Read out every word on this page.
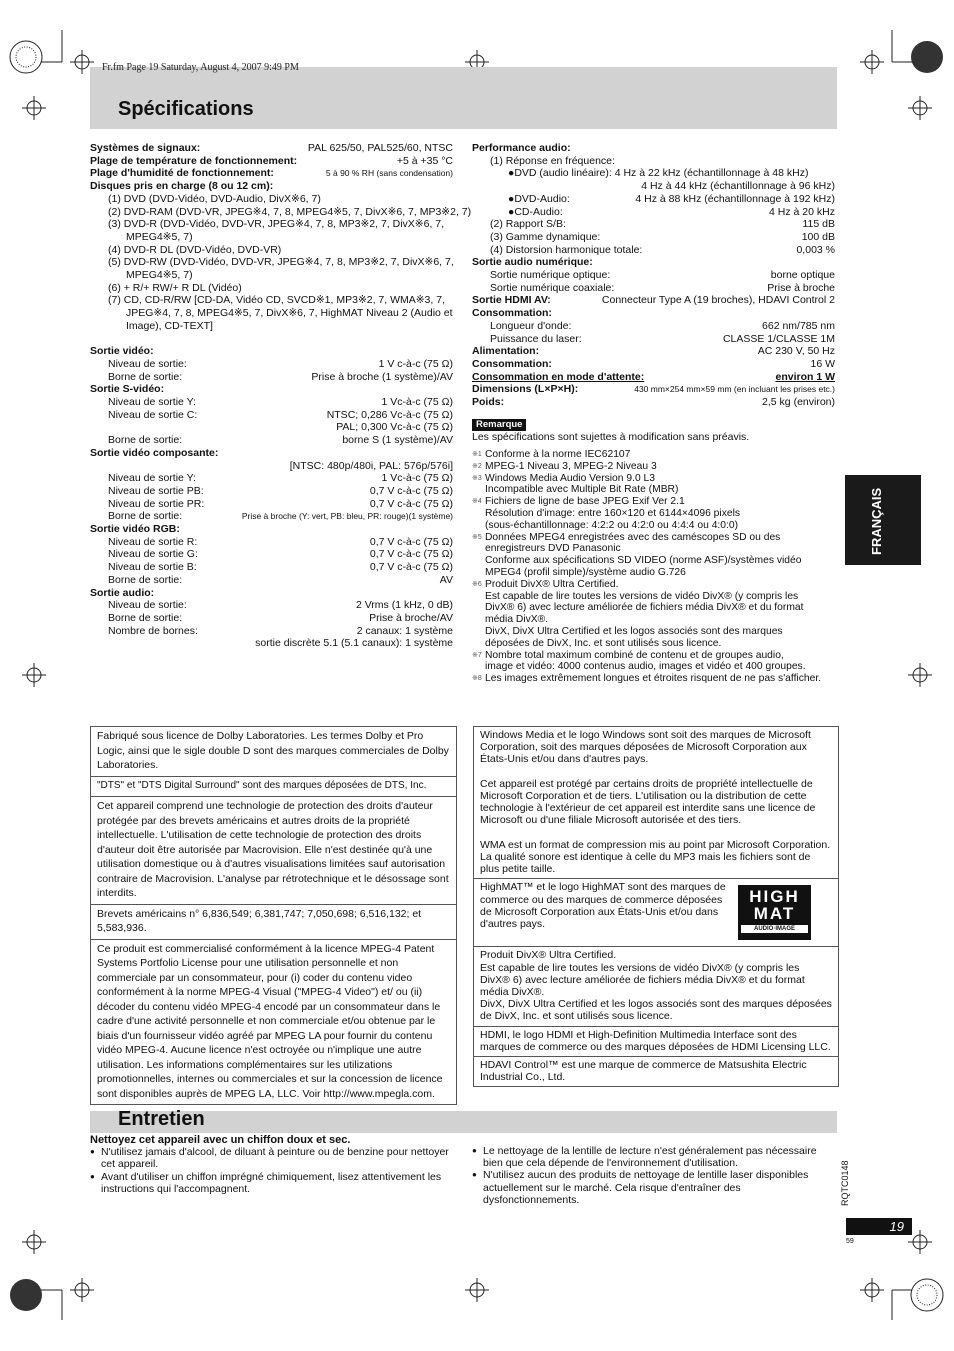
Fr.fm Page 19 Saturday, August 4, 2007 9:49 PM
Spécifications
Systèmes de signaux:	PAL 625/50, PAL525/60, NTSC
Plage de température de fonctionnement:	+5 à +35 °C
Plage d'humidité de fonctionnement:	5 à 90 % RH (sans condensation)
Disques pris en charge (8 ou 12 cm):
(1) DVD (DVD-Vidéo, DVD-Audio, DivX※6, 7)
(2) DVD-RAM (DVD-VR, JPEG※4, 7, 8, MPEG4※5, 7, DivX※6, 7, MP3※2, 7)
(3) DVD-R (DVD-Vidéo, DVD-VR, JPEG※4, 7, 8, MP3※2, 7, DivX※6, 7,
MPEG4※5, 7)
(4) DVD-R DL (DVD-Vidéo, DVD-VR)
(5) DVD-RW (DVD-Vidéo, DVD-VR, JPEG※4, 7, 8, MP3※2, 7, DivX※6, 7,
MPEG4※5, 7)
(6) + R/+ RW/+ R DL (Vidéo)
(7) CD, CD-R/RW [CD-DA, Vidéo CD, SVCD※1, MP3※2, 7, WMA※3, 7,
JPEG※4, 7, 8, MPEG4※5, 7, DivX※6, 7, HighMAT Niveau 2 (Audio et
Image), CD-TEXT]
Sortie vidéo:
Niveau de sortie:	1 V c-à-c (75 Ω)
Borne de sortie:	Prise à broche (1 système)/AV
Sortie S-vidéo:
Niveau de sortie Y:	1 Vc-à-c (75 Ω)
Niveau de sortie C:	NTSC; 0,286 Vc-à-c (75 Ω)
PAL; 0,300 Vc-à-c (75 Ω)
Borne de sortie:	borne S (1 système)/AV
Sortie vidéo composante:
[NTSC: 480p/480i, PAL: 576p/576i]
Niveau de sortie Y:	1 Vc-à-c (75 Ω)
Niveau de sortie PB:	0,7 V c-à-c (75 Ω)
Niveau de sortie PR:	0,7 V c-à-c (75 Ω)
Borne de sortie:	Prise à broche (Y: vert, PB: bleu, PR: rouge)(1 système)
Sortie vidéo RGB:
Niveau de sortie R:	0,7 V c-à-c (75 Ω)
Niveau de sortie G:	0,7 V c-à-c (75 Ω)
Niveau de sortie B:	0,7 V c-à-c (75 Ω)
Borne de sortie:	AV
Sortie audio:
Niveau de sortie:	2 Vrms (1 kHz, 0 dB)
Borne de sortie:	Prise à broche/AV
Nombre de bornes:	2 canaux: 1 système
sortie discrète 5.1 (5.1 canaux): 1 système
Performance audio:
(1) Réponse en fréquence:
●DVD (audio linéaire): 4 Hz à 22 kHz (échantillonnage à 48 kHz)
4 Hz à 44 kHz (échantillonnage à 96 kHz)
●DVD-Audio:	4 Hz à 88 kHz (échantillonnage à 192 kHz)
●CD-Audio:	4 Hz à 20 kHz
(2) Rapport S/B:	115 dB
(3) Gamme dynamique:	100 dB
(4) Distorsion harmonique totale:	0,003 %
Sortie audio numérique:
Sortie numérique optique:	borne optique
Sortie numérique coaxiale:	Prise à broche
Sortie HDMI AV:	Connecteur Type A (19 broches), HDAVI Control 2
Consommation:
Longueur d'onde:	662 nm/785 nm
Puissance du laser:	CLASSE 1/CLASSE 1M
Alimentation:	AC 230 V, 50 Hz
Consommation:	16 W
Consommation en mode d'attente:	environ 1 W
Dimensions (L×P×H):	430 mm×254 mm×59 mm (en incluant les prises etc.)
Poids:	2,5 kg (environ)
Remarque
Les spécifications sont sujettes à modification sans préavis.
※1 Conforme à la norme IEC62107
※2 MPEG-1 Niveau 3, MPEG-2 Niveau 3
※3 Windows Media Audio Version 9.0 L3
Incompatible avec Multiple Bit Rate (MBR)
※4 Fichiers de ligne de base JPEG Exif Ver 2.1
Résolution d'image: entre 160×120 et 6144×4096 pixels
(sous-échantillonnage: 4:2:2 ou 4:2:0 ou 4:4:4 ou 4:0:0)
※5 Données MPEG4 enregistrées avec des caméscopes SD ou des
enregistreurs DVD Panasonic
Conforme aux spécifications SD VIDEO (norme ASF)/systèmes vidéo
MPEG4 (profil simple)/système audio G.726
※6 Produit DivX® Ultra Certified.
Est capable de lire toutes les versions de vidéo DivX® (y compris les
DivX® 6) avec lecture améliorée de fichiers média DivX® et du format
média DivX®.
DivX, DivX Ultra Certified et les logos associés sont des marques
déposées de DivX, Inc. et sont utilisés sous licence.
※7 Nombre total maximum combiné de contenu et de groupes audio,
image et vidéo: 4000 contenus audio, images et vidéo et 400 groupes.
※8 Les images extrêmement longues et étroites risquent de ne pas s'afficher.
FRANÇAIS
Fabriqué sous licence de Dolby Laboratories. Les termes Dolby et Pro Logic, ainsi que le sigle double D sont des marques commerciales de Dolby Laboratories.
"DTS" et "DTS Digital Surround" sont des marques déposées de DTS, Inc.
Cet appareil comprend une technologie de protection des droits d'auteur protégée par des brevets américains et autres droits de la propriété intellectuelle. L'utilisation de cette technologie de protection des droits d'auteur doit être autorisée par Macrovision. Elle n'est destinée qu'à une utilisation domestique ou à d'autres visualisations limitées sauf autorisation contraire de Macrovision. L'analyse par rétrotechnique et le désossage sont interdits.
Brevets américains n° 6,836,549; 6,381,747; 7,050,698; 6,516,132; et 5,583,936.
Ce produit est commercialisé conformément à la licence MPEG-4 Patent Systems Portfolio License pour une utilisation personnelle et non commerciale par un consommateur, pour (i) coder du contenu video conformément à la norme MPEG-4 Visual ("MPEG-4 Video") et/ ou (ii) décoder du contenu vidéo MPEG-4 encodé par un consommateur dans le cadre d'une activité personnelle et non commerciale et/ou obtenue par le biais d'un fournisseur vidéo agréé par MPEG LA pour fournir du contenu vidéo MPEG-4. Aucune licence n'est octroyée ou n'implique une autre utilisation. Les informations complémentaires sur les utilizations promotionnelles, internes ou commerciales et sur la concession de licence sont disponibles auprès de MPEG LA, LLC. Voir http://www.mpegla.com.
Windows Media et le logo Windows sont soit des marques de Microsoft Corporation, soit des marques déposées de Microsoft Corporation aux États-Unis et/ou dans d'autres pays.

Cet appareil est protégé par certains droits de propriété intellectuelle de Microsoft Corporation et de tiers. L'utilisation ou la distribution de cette technologie à l'extérieur de cet appareil est interdite sans une licence de Microsoft ou d'une filiale Microsoft autorisée et des tiers.

WMA est un format de compression mis au point par Microsoft Corporation. La qualité sonore est identique à celle du MP3 mais les fichiers sont de plus petite taille.
HighMAT™ et le logo HighMAT sont des marques de commerce ou des marques de commerce déposées de Microsoft Corporation aux États-Unis et/ou dans d'autres pays.
Produit DivX® Ultra Certified.
Est capable de lire toutes les versions de vidéo DivX® (y compris les DivX® 6) avec lecture améliorée de fichiers média DivX® et du format média DivX®.
DivX, DivX Ultra Certified et les logos associés sont des marques déposées de DivX, Inc. et sont utilisés sous licence.
HDMI, le logo HDMI et High-Definition Multimedia Interface sont des marques de commerce ou des marques déposées de HDMI Licensing LLC.
HDAVI Control™ est une marque de commerce de Matsushita Electric Industrial Co., Ltd.
HIGH
MAT
AUDIO·IMAGE
Entretien
Nettoyez cet appareil avec un chiffon doux et sec.
● N'utilisez jamais d'alcool, de diluant à peinture ou de benzine pour nettoyer cet appareil.
● Avant d'utiliser un chiffon imprégné chimiquement, lisez attentivement les instructions qui l'accompagnent.
● Le nettoyage de la lentille de lecture n'est généralement pas nécessaire bien que cela dépende de l'environnement d'utilisation.
● N'utilisez aucun des produits de nettoyage de lentille laser disponibles actuellement sur le marché. Cela risque d'entraîner des dysfonctionnements.	RQTC0148
19
59
